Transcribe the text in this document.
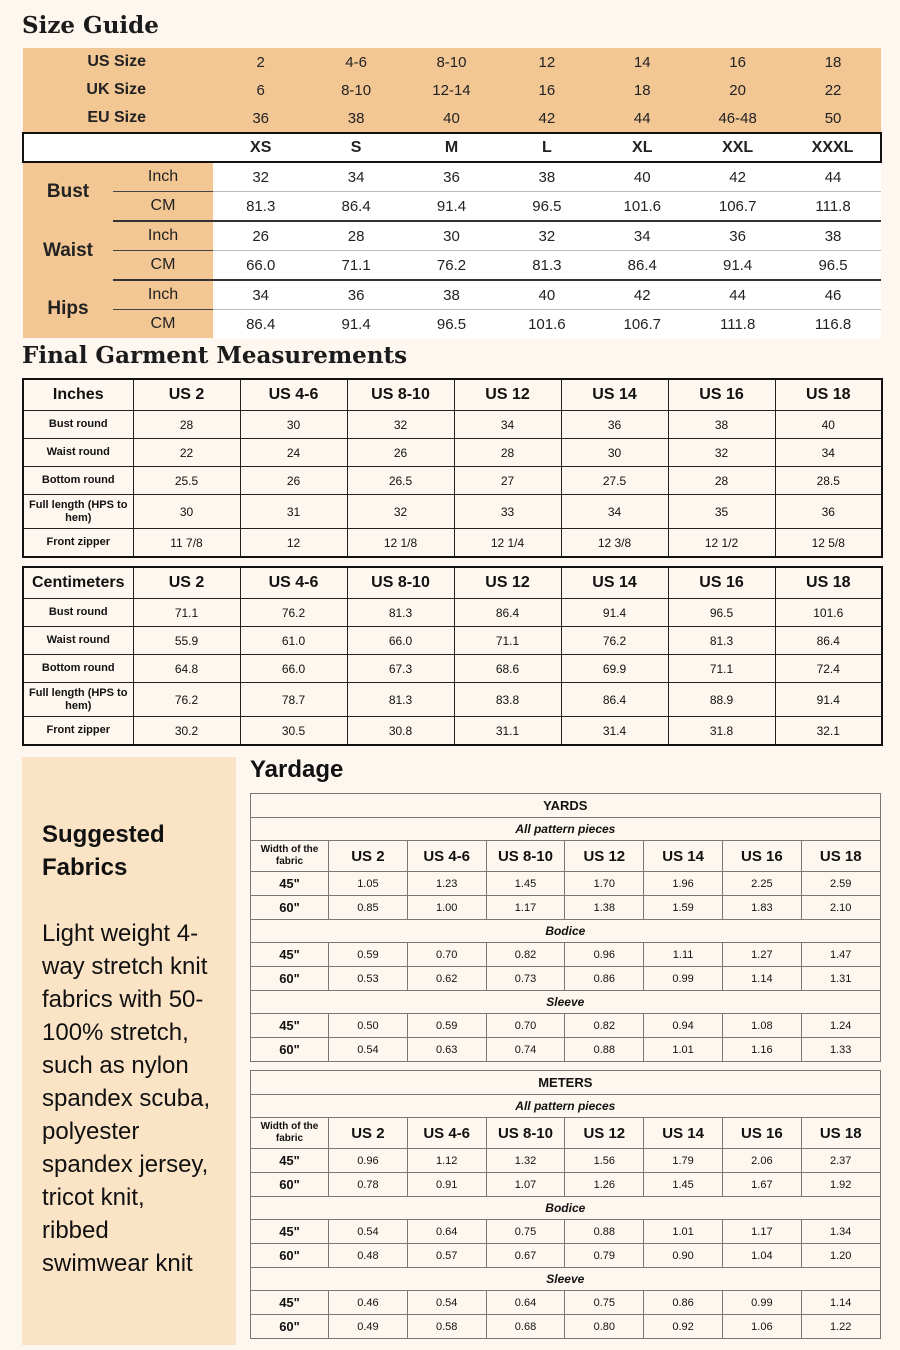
Size Guide
US Size		2	4-6	8-10	12	14	16	18
UK Size		6	8-10	12-14	16	18	20	22
EU Size		36	38	40	42	44	46-48	50
		XS	S	M	L	XL	XXL	XXXL
Bust	Inch	32	34	36	38	40	42	44
	CM	81.3	86.4	91.4	96.5	101.6	106.7	111.8
Waist	Inch	26	28	30	32	34	36	38
	CM	66.0	71.1	76.2	81.3	86.4	91.4	96.5
Hips	Inch	34	36	38	40	42	44	46
	CM	86.4	91.4	96.5	101.6	106.7	111.8	116.8
Final Garment Measurements
Inches	US 2	US 4-6	US 8-10	US 12	US 14	US 16	US 18
Bust round	28	30	32	34	36	38	40
Waist round	22	24	26	28	30	32	34
Bottom round	25.5	26	26.5	27	27.5	28	28.5
Full length (HPS to hem)	30	31	32	33	34	35	36
Front zipper	11 7/8	12	12 1/8	12 1/4	12 3/8	12 1/2	12 5/8
Centimeters	US 2	US 4-6	US 8-10	US 12	US 14	US 16	US 18
Bust round	71.1	76.2	81.3	86.4	91.4	96.5	101.6
Waist round	55.9	61.0	66.0	71.1	76.2	81.3	86.4
Bottom round	64.8	66.0	67.3	68.6	69.9	71.1	72.4
Full length (HPS to hem)	76.2	78.7	81.3	83.8	86.4	88.9	91.4
Front zipper	30.2	30.5	30.8	31.1	31.4	31.8	32.1
Suggested Fabrics
Light weight 4-way stretch knit fabrics with 50-100% stretch, such as nylon spandex scuba, polyester spandex jersey, tricot knit, ribbed swimwear knit
Yardage
YARDS							
All pattern pieces							
Width of the fabric	US 2	US 4-6	US 8-10	US 12	US 14	US 16	US 18
45"	1.05	1.23	1.45	1.70	1.96	2.25	2.59
60"	0.85	1.00	1.17	1.38	1.59	1.83	2.10
Bodice							
45"	0.59	0.70	0.82	0.96	1.11	1.27	1.47
60"	0.53	0.62	0.73	0.86	0.99	1.14	1.31
Sleeve							
45"	0.50	0.59	0.70	0.82	0.94	1.08	1.24
60"	0.54	0.63	0.74	0.88	1.01	1.16	1.33
METERS							
All pattern pieces							
Width of the fabric	US 2	US 4-6	US 8-10	US 12	US 14	US 16	US 18
45"	0.96	1.12	1.32	1.56	1.79	2.06	2.37
60"	0.78	0.91	1.07	1.26	1.45	1.67	1.92
Bodice							
45"	0.54	0.64	0.75	0.88	1.01	1.17	1.34
60"	0.48	0.57	0.67	0.79	0.90	1.04	1.20
Sleeve							
45"	0.46	0.54	0.64	0.75	0.86	0.99	1.14
60"	0.49	0.58	0.68	0.80	0.92	1.06	1.22
